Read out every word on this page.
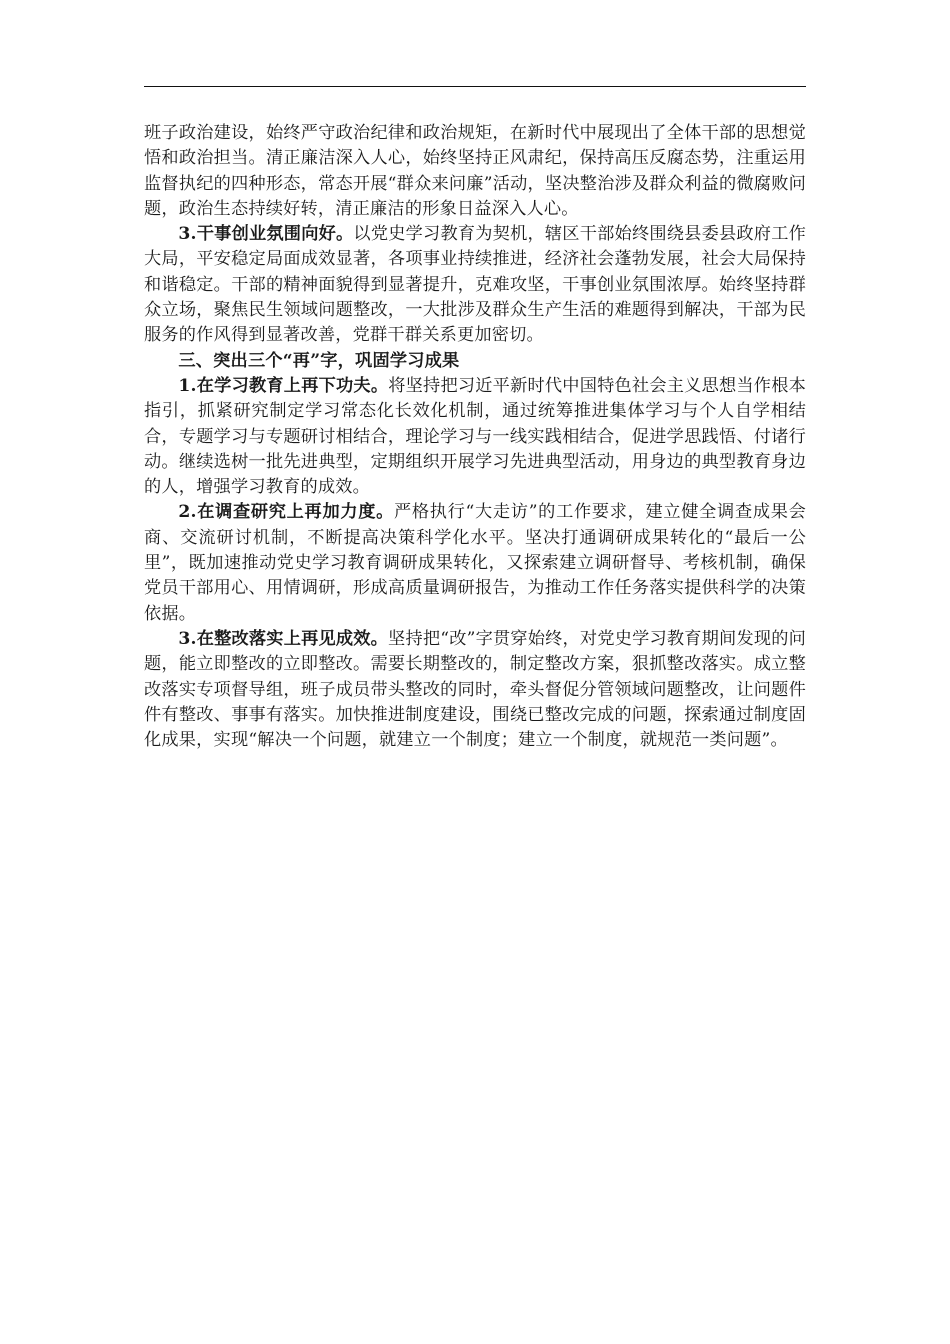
班子政治建设，始终严守政治纪律和政治规矩，在新时代中展现出了全体干部的思想觉悟和政治担当。清正廉洁深入人心，始终坚持正风肃纪，保持高压反腐态势，注重运用监督执纪的四种形态，常态开展“群众来问廉”活动，坚决整治涉及群众利益的微腐败问题，政治生态持续好转，清正廉洁的形象日益深入人心。

3.干事创业氛围向好。以党史学习教育为契机，辖区干部始终围绕县委县政府工作大局，平安稳定局面成效显著，各项事业持续推进，经济社会蓬勃发展，社会大局保持和谐稳定。干部的精神面貌得到显著提升，克难攻坚，干事创业氛围浓厚。始终坚持群众立场，聚焦民生领域问题整改，一大批涉及群众生产生活的难题得到解决，干部为民服务的作风得到显著改善，党群干群关系更加密切。

三、突出三个“再”字，巩固学习成果

1.在学习教育上再下功夫。将坚持把习近平新时代中国特色社会主义思想当作根本指引，抓紧研究制定学习常态化长效化机制，通过统筹推进集体学习与个人自学相结合，专题学习与专题研讨相结合，理论学习与一线实践相结合，促进学思践悟、付诸行动。继续选树一批先进典型，定期组织开展学习先进典型活动，用身边的典型教育身边的人，增强学习教育的成效。

2.在调查研究上再加力度。严格执行“大走访”的工作要求，建立健全调查成果会商、交流研讨机制，不断提高决策科学化水平。坚决打通调研成果转化的“最后一公里”，既加速推动党史学习教育调研成果转化，又探索建立调研督导、考核机制，确保党员干部用心、用情调研，形成高质量调研报告，为推动工作任务落实提供科学的决策依据。

3.在整改落实上再见成效。坚持把“改”字贯穿始终，对党史学习教育期间发现的问题，能立即整改的立即整改。需要长期整改的，制定整改方案，狠抓整改落实。成立整改落实专项督导组，班子成员带头整改的同时，牵头督促分管领域问题整改，让问题件件有整改、事事有落实。加快推进制度建设，围绕已整改完成的问题，探索通过制度固化成果，实现“解决一个问题，就建立一个制度；建立一个制度，就规范一类问题”。
